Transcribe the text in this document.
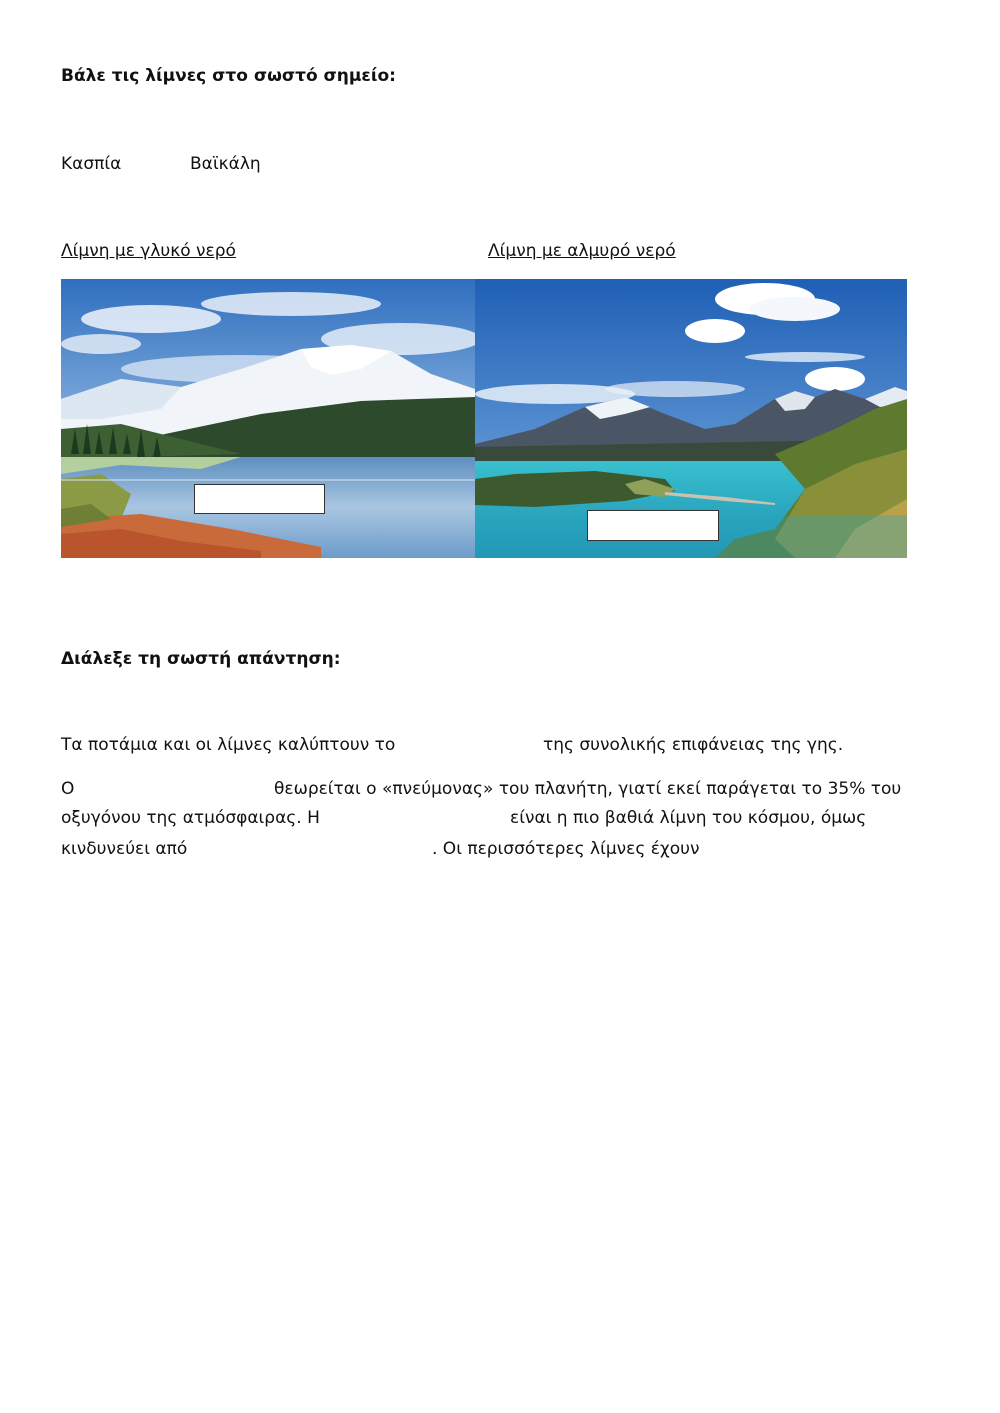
Βάλε τις λίμνες στο σωστό σημείο:
Κασπία	Βαϊκάλη
Λίμνη με γλυκό νερό	Λίμνη με αλμυρό νερό
Διάλεξε τη σωστή απάντηση:
Τα ποτάμια και οι λίμνες καλύπτουν το	της συνολικής επιφάνειας της γης.
Ο	θεωρείται ο «πνεύμονας» του πλανήτη, γιατί εκεί παράγεται το 35% του
οξυγόνου της ατμόσφαιρας. Η	είναι η πιο βαθιά λίμνη του κόσμου, όμως
κινδυνεύει από	. Οι περισσότερες λίμνες έχουν
